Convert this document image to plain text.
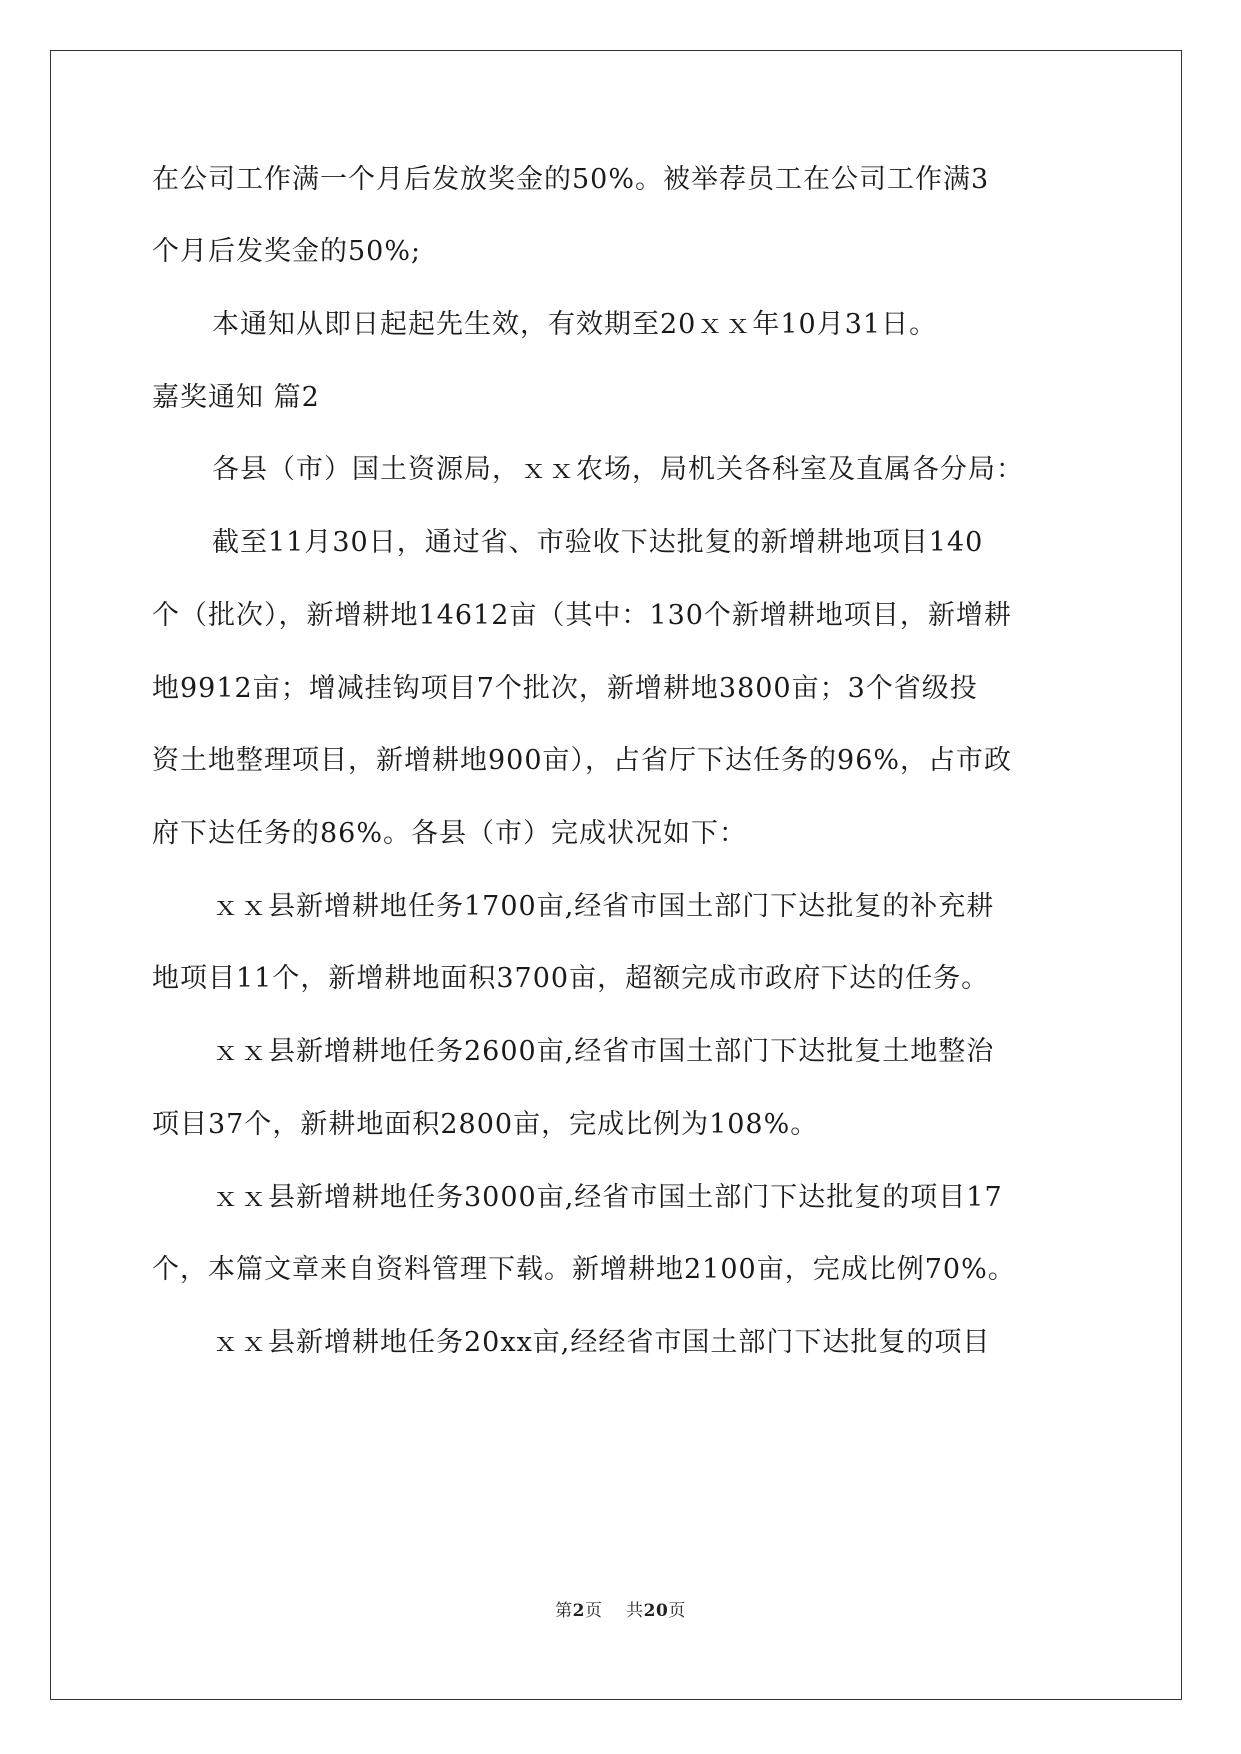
在公司工作满一个月后发放奖金的50%。被举荐员工在公司工作满3
个月后发奖金的50%;
本通知从即日起起先生效，有效期至20ｘｘ年10月31日。
嘉奖通知 篇2
各县（市）国土资源局，ｘｘ农场，局机关各科室及直属各分局：
截至11月30日，通过省、市验收下达批复的新增耕地项目140
个（批次），新增耕地14612亩（其中：130个新增耕地项目，新增耕
地9912亩；增减挂钩项目7个批次，新增耕地3800亩；3个省级投
资土地整理项目，新增耕地900亩），占省厅下达任务的96%，占市政
府下达任务的86%。各县（市）完成状况如下：
ｘｘ县新增耕地任务1700亩,经省市国土部门下达批复的补充耕
地项目11个，新增耕地面积3700亩，超额完成市政府下达的任务。
ｘｘ县新增耕地任务2600亩,经省市国土部门下达批复土地整治
项目37个，新耕地面积2800亩，完成比例为108%。
ｘｘ县新增耕地任务3000亩,经省市国土部门下达批复的项目17
个，本篇文章来自资料管理下载。新增耕地2100亩，完成比例70%。
ｘｘ县新增耕地任务20xx亩,经经省市国土部门下达批复的项目
第2页 共20页
